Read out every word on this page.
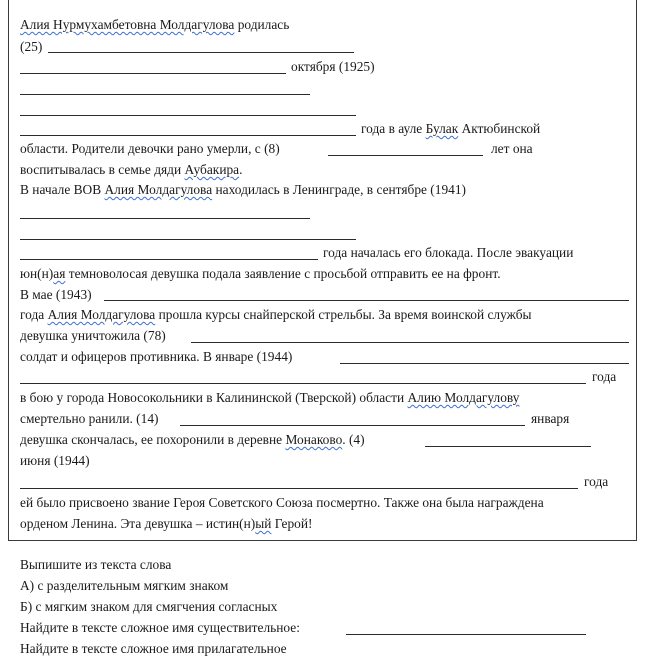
Алия Нурмухамбетовна Молдагулова родилась
(25)
октября (1925)
года в ауле Булак Актюбинской
области. Родители девочки рано умерли, с (8)	лет она
воспитывалась в семье дяди Аубакира.
В начале ВОВ Алия Молдагулова находилась в Ленинграде, в сентябре (1941)
года началась его блокада. После эвакуации
юн(н)ая темноволосая девушка подала заявление с просьбой отправить ее на фронт.
В мае (1943)
года Алия Молдагулова прошла курсы снайперской стрельбы. За время воинской службы
девушка уничтожила (78)
солдат и офицеров противника. В январе (1944)
года
в бою у города Новосокольники в Калининской (Тверской) области Алию Молдагулову
смертельно ранили. (14)	января
девушка скончалась, ее похоронили в деревне Монаково. (4)
июня (1944)
года
ей было присвоено звание Героя Советского Союза посмертно. Также она была награждена
орденом Ленина. Эта девушка – истин(н)ый Герой!
Выпишите из текста слова
А) с разделительным мягким знаком
Б) с мягким знаком для смягчения согласных
Найдите в тексте сложное имя существительное:
Найдите в тексте сложное имя прилагательное
